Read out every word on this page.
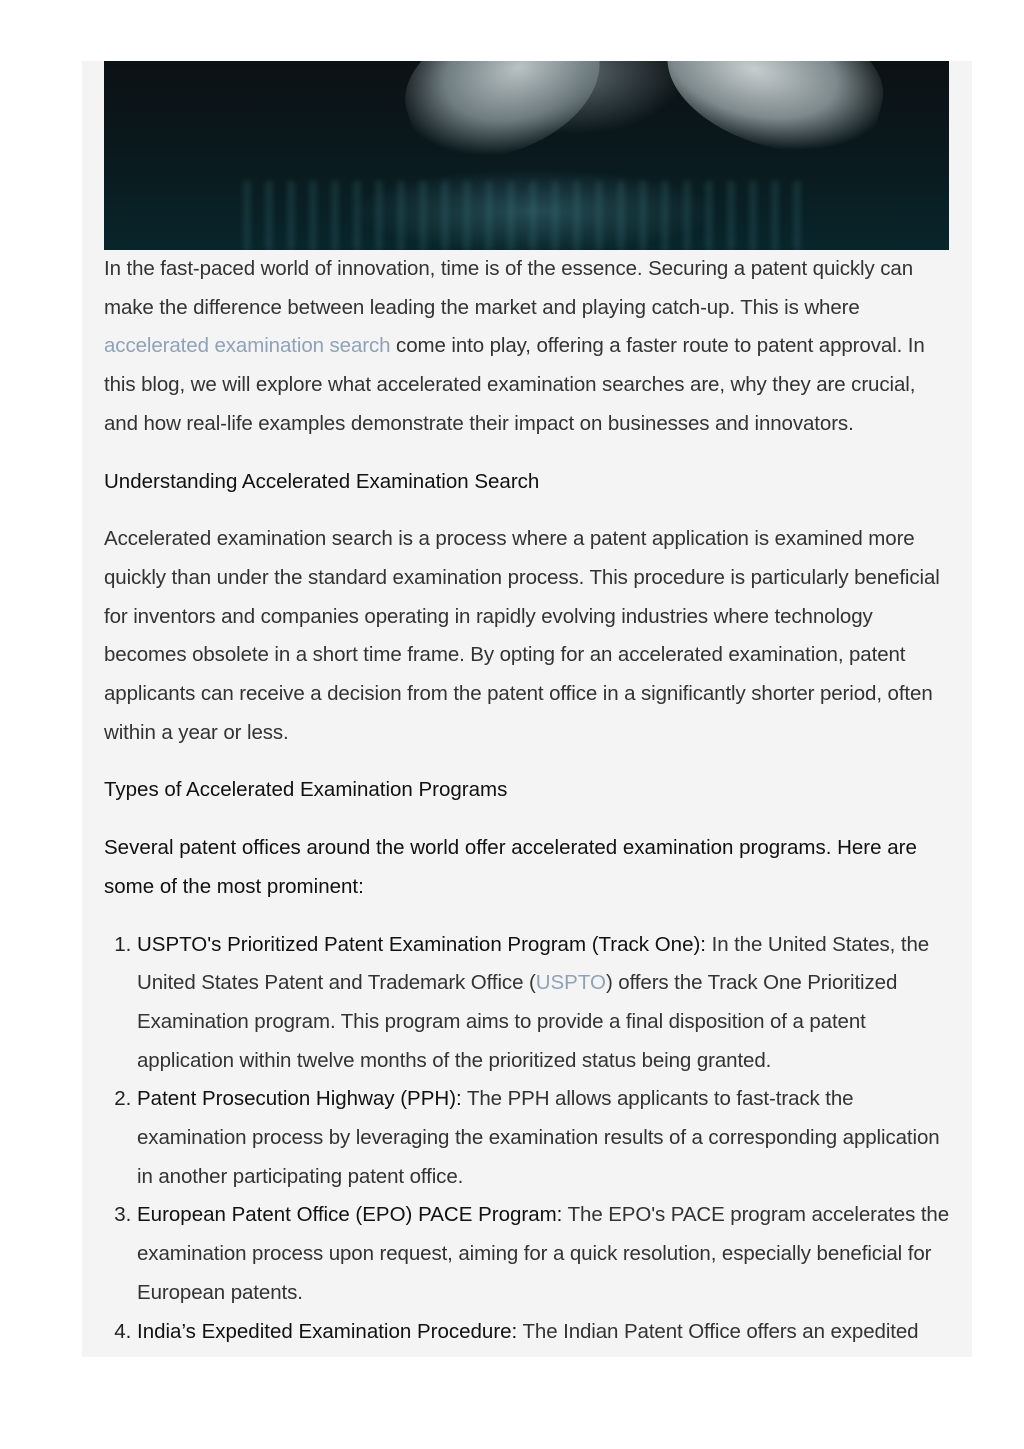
In the fast-paced world of innovation, time is of the essence. Securing a patent quickly can make the difference between leading the market and playing catch-up. This is where accelerated examination search come into play, offering a faster route to patent approval. In this blog, we will explore what accelerated examination searches are, why they are crucial, and how real-life examples demonstrate their impact on businesses and innovators.

Understanding Accelerated Examination Search

Accelerated examination search is a process where a patent application is examined more quickly than under the standard examination process. This procedure is particularly beneficial for inventors and companies operating in rapidly evolving industries where technology becomes obsolete in a short time frame. By opting for an accelerated examination, patent applicants can receive a decision from the patent office in a significantly shorter period, often within a year or less.

Types of Accelerated Examination Programs

Several patent offices around the world offer accelerated examination programs. Here are some of the most prominent:

1. USPTO's Prioritized Patent Examination Program (Track One): In the United States, the United States Patent and Trademark Office (USPTO) offers the Track One Prioritized Examination program. This program aims to provide a final disposition of a patent application within twelve months of the prioritized status being granted.
2. Patent Prosecution Highway (PPH): The PPH allows applicants to fast-track the examination process by leveraging the examination results of a corresponding application in another participating patent office.
3. European Patent Office (EPO) PACE Program: The EPO's PACE program accelerates the examination process upon request, aiming for a quick resolution, especially beneficial for European patents.
4. India’s Expedited Examination Procedure: The Indian Patent Office offers an expedited
